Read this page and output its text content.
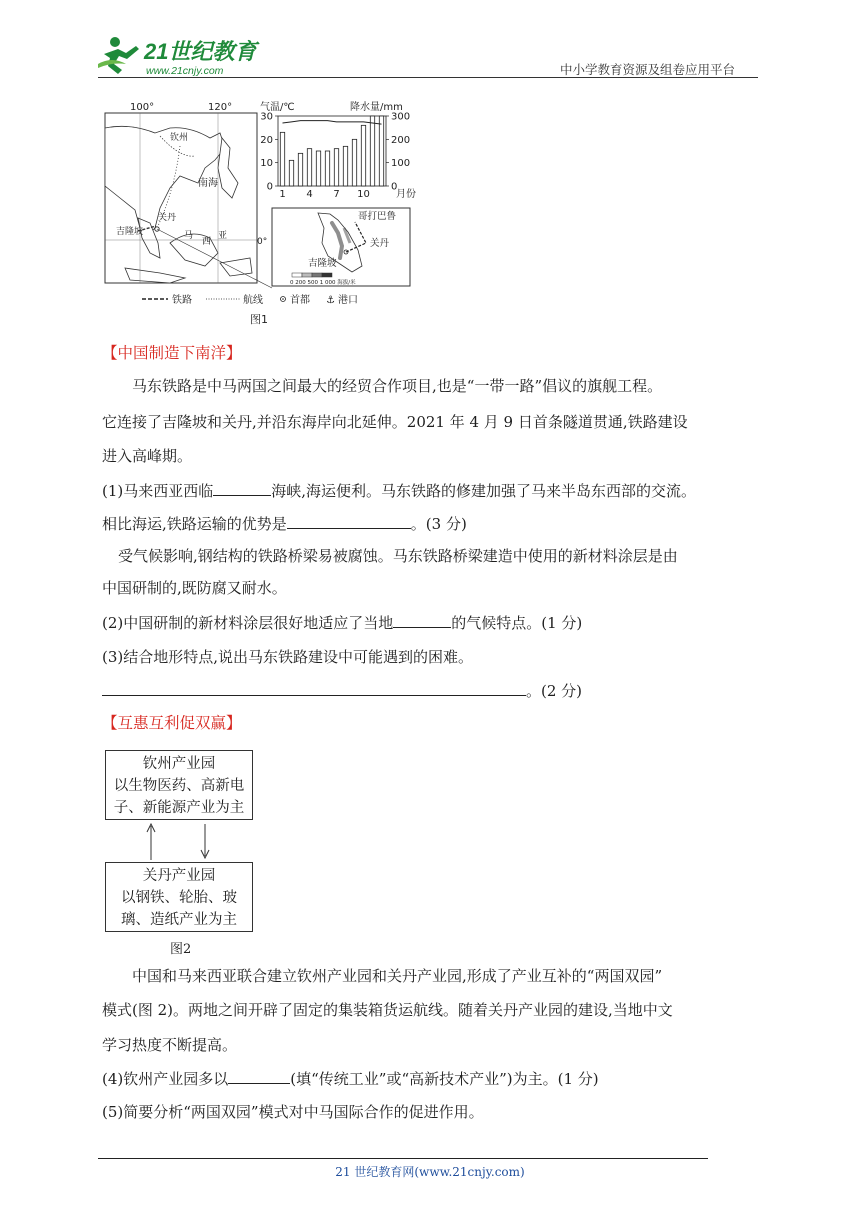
21世纪教育
www.21cnjy.com	中小学教育资源及组卷应用平台
100°	120°
0°
钦州
南海
关丹
吉隆坡	马
西
亚
气温/℃	降水量/mm
0
10
20
30
0
100
200
300
1 4 7 10	月份
哥打巴鲁
关丹
吉隆坡
0 200 500 1 000 海拔/米
铁路	航线	首都 ⚓ 港口
图1
【中国制造下南洋】
马东铁路是中马两国之间最大的经贸合作项目,也是“一带一路”倡议的旗舰工程。
它连接了吉隆坡和关丹,并沿东海岸向北延伸。2021 年 4 月 9 日首条隧道贯通,铁路建设
进入高峰期。
(1)马来西亚西临	海峡,海运便利。马东铁路的修建加强了马来半岛东西部的交流。
相比海运,铁路运输的优势是	。(3 分)
受气候影响,钢结构的铁路桥梁易被腐蚀。马东铁路桥梁建造中使用的新材料涂层是由
中国研制的,既防腐又耐水。
(2)中国研制的新材料涂层很好地适应了当地	的气候特点。(1 分)
(3)结合地形特点,说出马东铁路建设中可能遇到的困难。
。(2 分)
【互惠互利促双赢】
钦州产业园
以生物医药、高新电
子、新能源产业为主
关丹产业园
以钢铁、轮胎、玻
璃、造纸产业为主
图2
中国和马来西亚联合建立钦州产业园和关丹产业园,形成了产业互补的“两国双园”
模式(图 2)。两地之间开辟了固定的集装箱货运航线。随着关丹产业园的建设,当地中文
学习热度不断提高。
(4)钦州产业园多以	(填“传统工业”或“高新技术产业”)为主。(1 分)
(5)简要分析“两国双园”模式对中马国际合作的促进作用。
21 世纪教育网(www.21cnjy.com)
